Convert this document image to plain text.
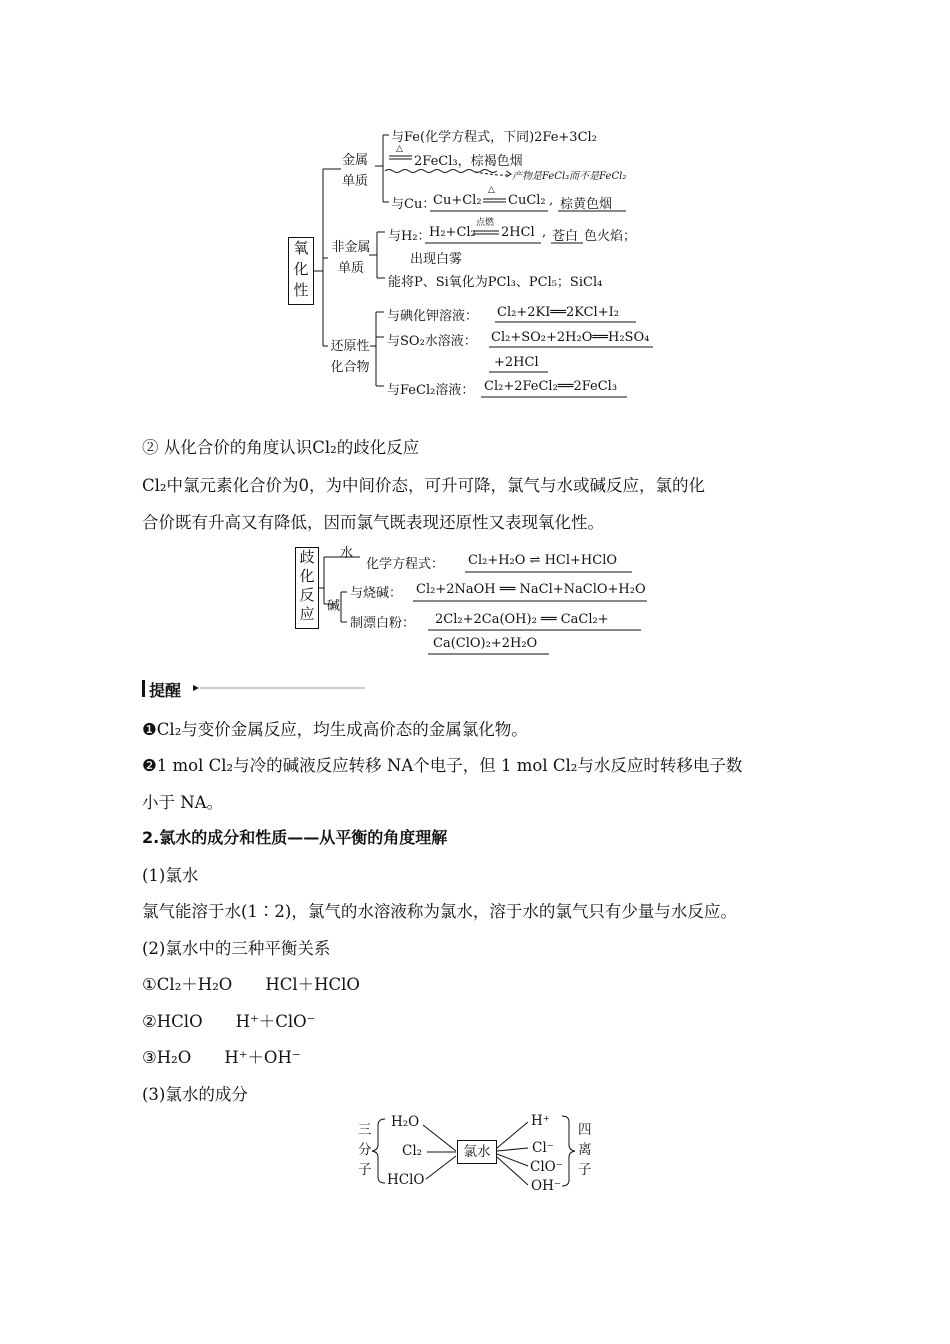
氧化性
金属单质
与Fe(化学方程式，下同)2Fe+3Cl₂
△
2FeCl₃，棕褐色烟
产物是FeCl₃而不是FeCl₂
与Cu：
Cu+Cl₂
△
CuCl₂ , 棕黄色烟
非金属单质
与H₂：
H₂+Cl₂
点燃
2HCl , 苍白 色火焰；
出现白雾
能将P、Si氧化为PCl₃、PCl₅；SiCl₄
还原性化合物
与碘化钾溶液： Cl₂+2KI══2KCl+I₂
与SO₂水溶液： Cl₂+SO₂+2H₂O══H₂SO₄
+2HCl
与FeCl₂溶液： Cl₂+2FeCl₂══2FeCl₃
② 从化合价的角度认识Cl₂的歧化反应
Cl₂中氯元素化合价为0，为中间价态，可升可降，氯气与水或碱反应，氯的化
合价既有升高又有降低，因而氯气既表现还原性又表现氧化性。
歧化反应
水
化学方程式： Cl₂+H₂O ⇌ HCl+HClO
碱
与烧碱： Cl₂+2NaOH ══ NaCl+NaClO+H₂O
制漂白粉： 2Cl₂+2Ca(OH)₂ ══ CaCl₂+
Ca(ClO)₂+2H₂O
提醒
❶Cl₂与变价金属反应，均生成高价态的金属氯化物。
❷1 mol Cl₂与冷的碱液反应转移 NA个电子，但 1 mol Cl₂与水反应时转移电子数
小于 NA。
2.氯水的成分和性质——从平衡的角度理解
(1)氯水
氯气能溶于水(1∶2)，氯气的水溶液称为氯水，溶于水的氯气只有少量与水反应。
(2)氯水中的三种平衡关系
①Cl₂＋H₂O　　HCl＋HClO
②HClO　　H⁺＋ClO⁻
③H₂O　　H⁺＋OH⁻
(3)氯水的成分
三分子
H₂O
Cl₂
HClO
氯水
H⁺
Cl⁻
ClO⁻
OH⁻
四离子
